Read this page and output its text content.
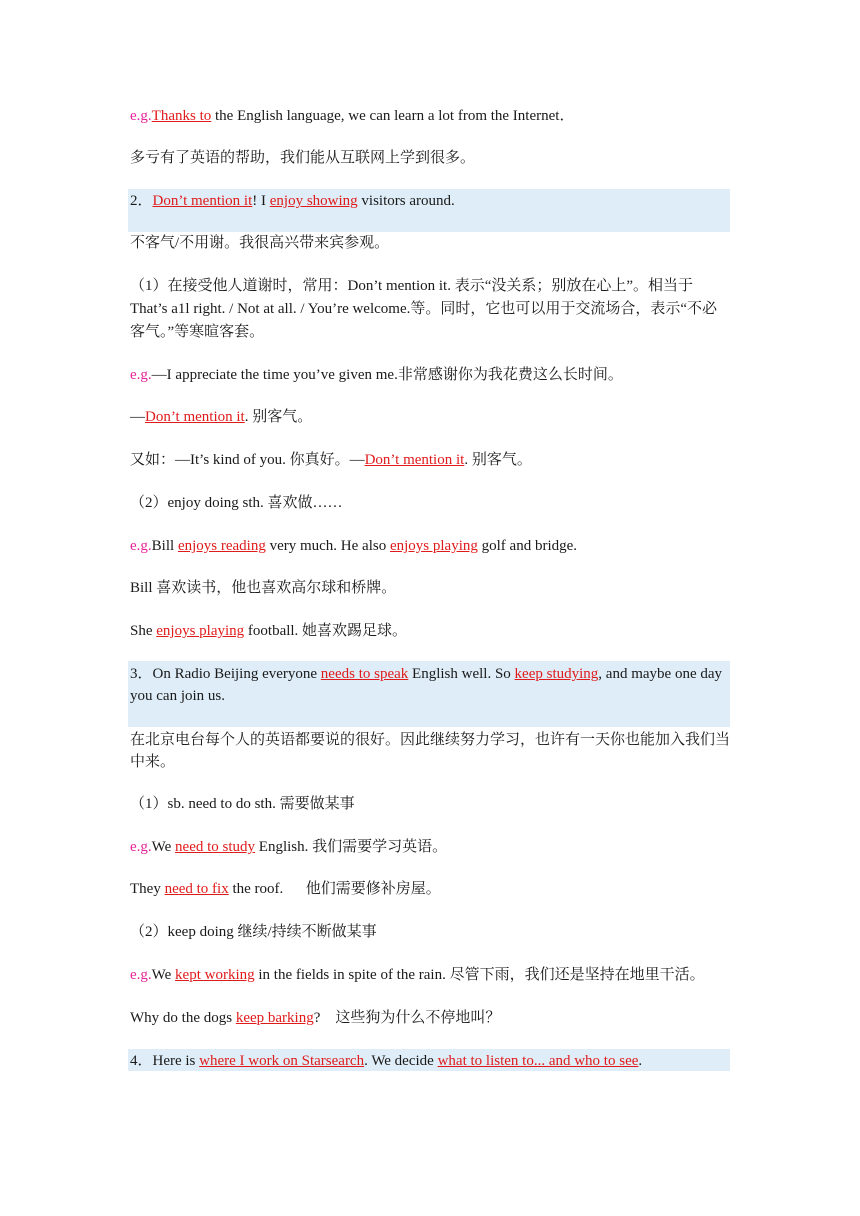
e.g.Thanks to the English language, we can learn a lot from the Internet．
多亏有了英语的帮助，我们能从互联网上学到很多。
2．Don’t mention it! I enjoy showing visitors around.
不客气/不用谢。我很高兴带来宾参观。
（1）在接受他人道谢时，常用：Don’t mention it. 表示“没关系；别放在心上”。相当于That’s a1l right. / Not at all. / You’re welcome.等。同时，它也可以用于交流场合，表示“不必客气。”等寒暄客套。
e.g.—I appreciate the time you’ve given me.非常感谢你为我花费这么长时间。
—Don’t mention it. 别客气。
又如：—It’s kind of you. 你真好。—Don’t mention it. 别客气。
（2）enjoy doing sth. 喜欢做……
e.g.Bill enjoys reading very much. He also enjoys playing golf and bridge.
Bill 喜欢读书，他也喜欢高尔球和桥牌。
She enjoys playing football. 她喜欢踢足球。
3．On Radio Beijing everyone needs to speak English well. So keep studying, and maybe one day you can join us.
在北京电台每个人的英语都要说的很好。因此继续努力学习，也许有一天你也能加入我们当中来。
（1）sb. need to do sth. 需要做某事
e.g.We need to study English. 我们需要学习英语。
They need to fix the roof.      他们需要修补房屋。
（2）keep doing 继续/持续不断做某事
e.g.We kept working in the fields in spite of the rain. 尽管下雨，我们还是坚持在地里干活。
Why do the dogs keep barking?    这些狗为什么不停地叫？
4．Here is where I work on Starsearch. We decide what to listen to... and who to see.
